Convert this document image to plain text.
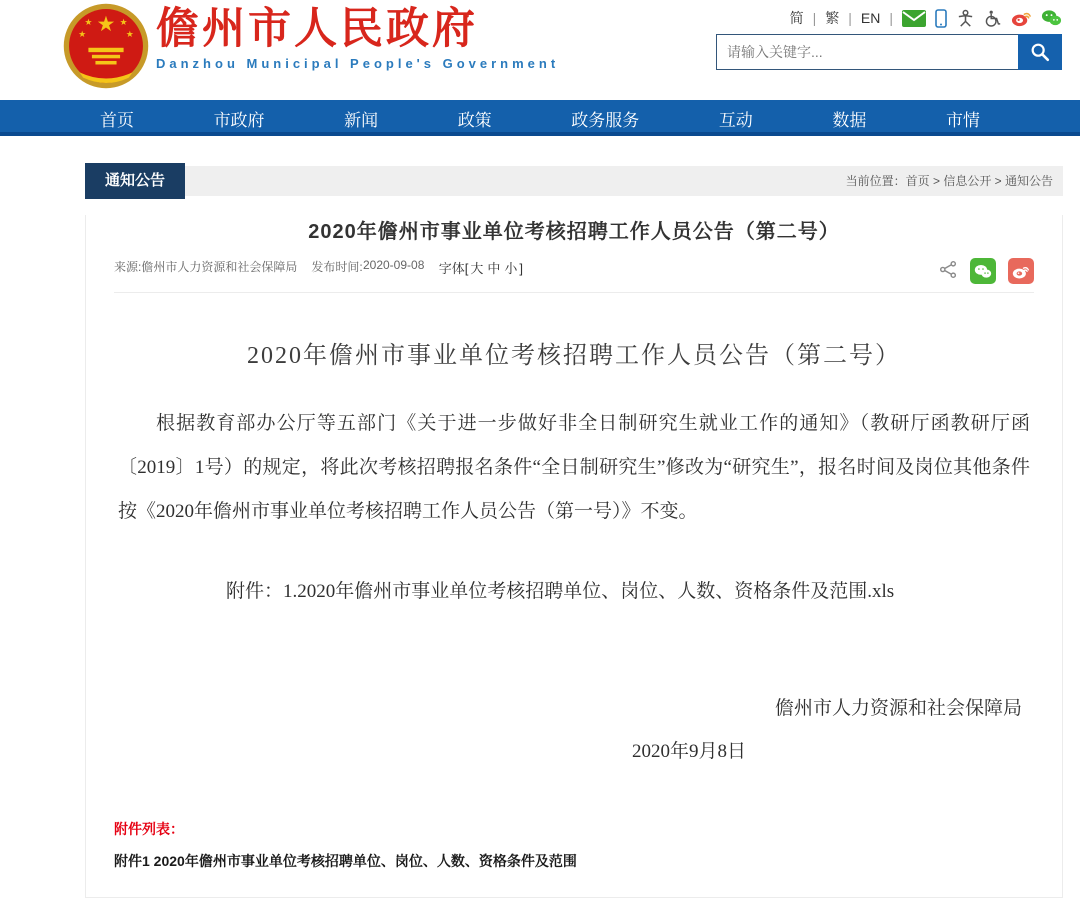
★
★	★
★	★ 儋州市人民政府
Danzhou Municipal People's Government
简 | 繁 | EN |
请输入关键字...
首页	市政府	新闻	政策	政务服务	互动	数据	市情
通知公告	当前位置：首页 > 信息公开 > 通知公告
2020年儋州市事业单位考核招聘工作人员公告（第二号）
来源:儋州市人力资源和社会保障局 发布时间:2020-09-08 字体[ 大 中 小 ]
2020年儋州市事业单位考核招聘工作人员公告（第二号）

根据教育部办公厅等五部门《关于进一步做好非全日制研究生就业工作的通知》（教研厅函教研厅函〔2019〕1号）的规定，将此次考核招聘报名条件“全日制研究生”修改为“研究生”，报名时间及岗位其他条件按《2020年儋州市事业单位考核招聘工作人员公告（第一号）》不变。

附件：1.2020年儋州市事业单位考核招聘单位、岗位、人数、资格条件及范围.xls
儋州市人力资源和社会保障局
2020年9月8日
附件列表：
附件1 2020年儋州市事业单位考核招聘单位、岗位、人数、资格条件及范围
